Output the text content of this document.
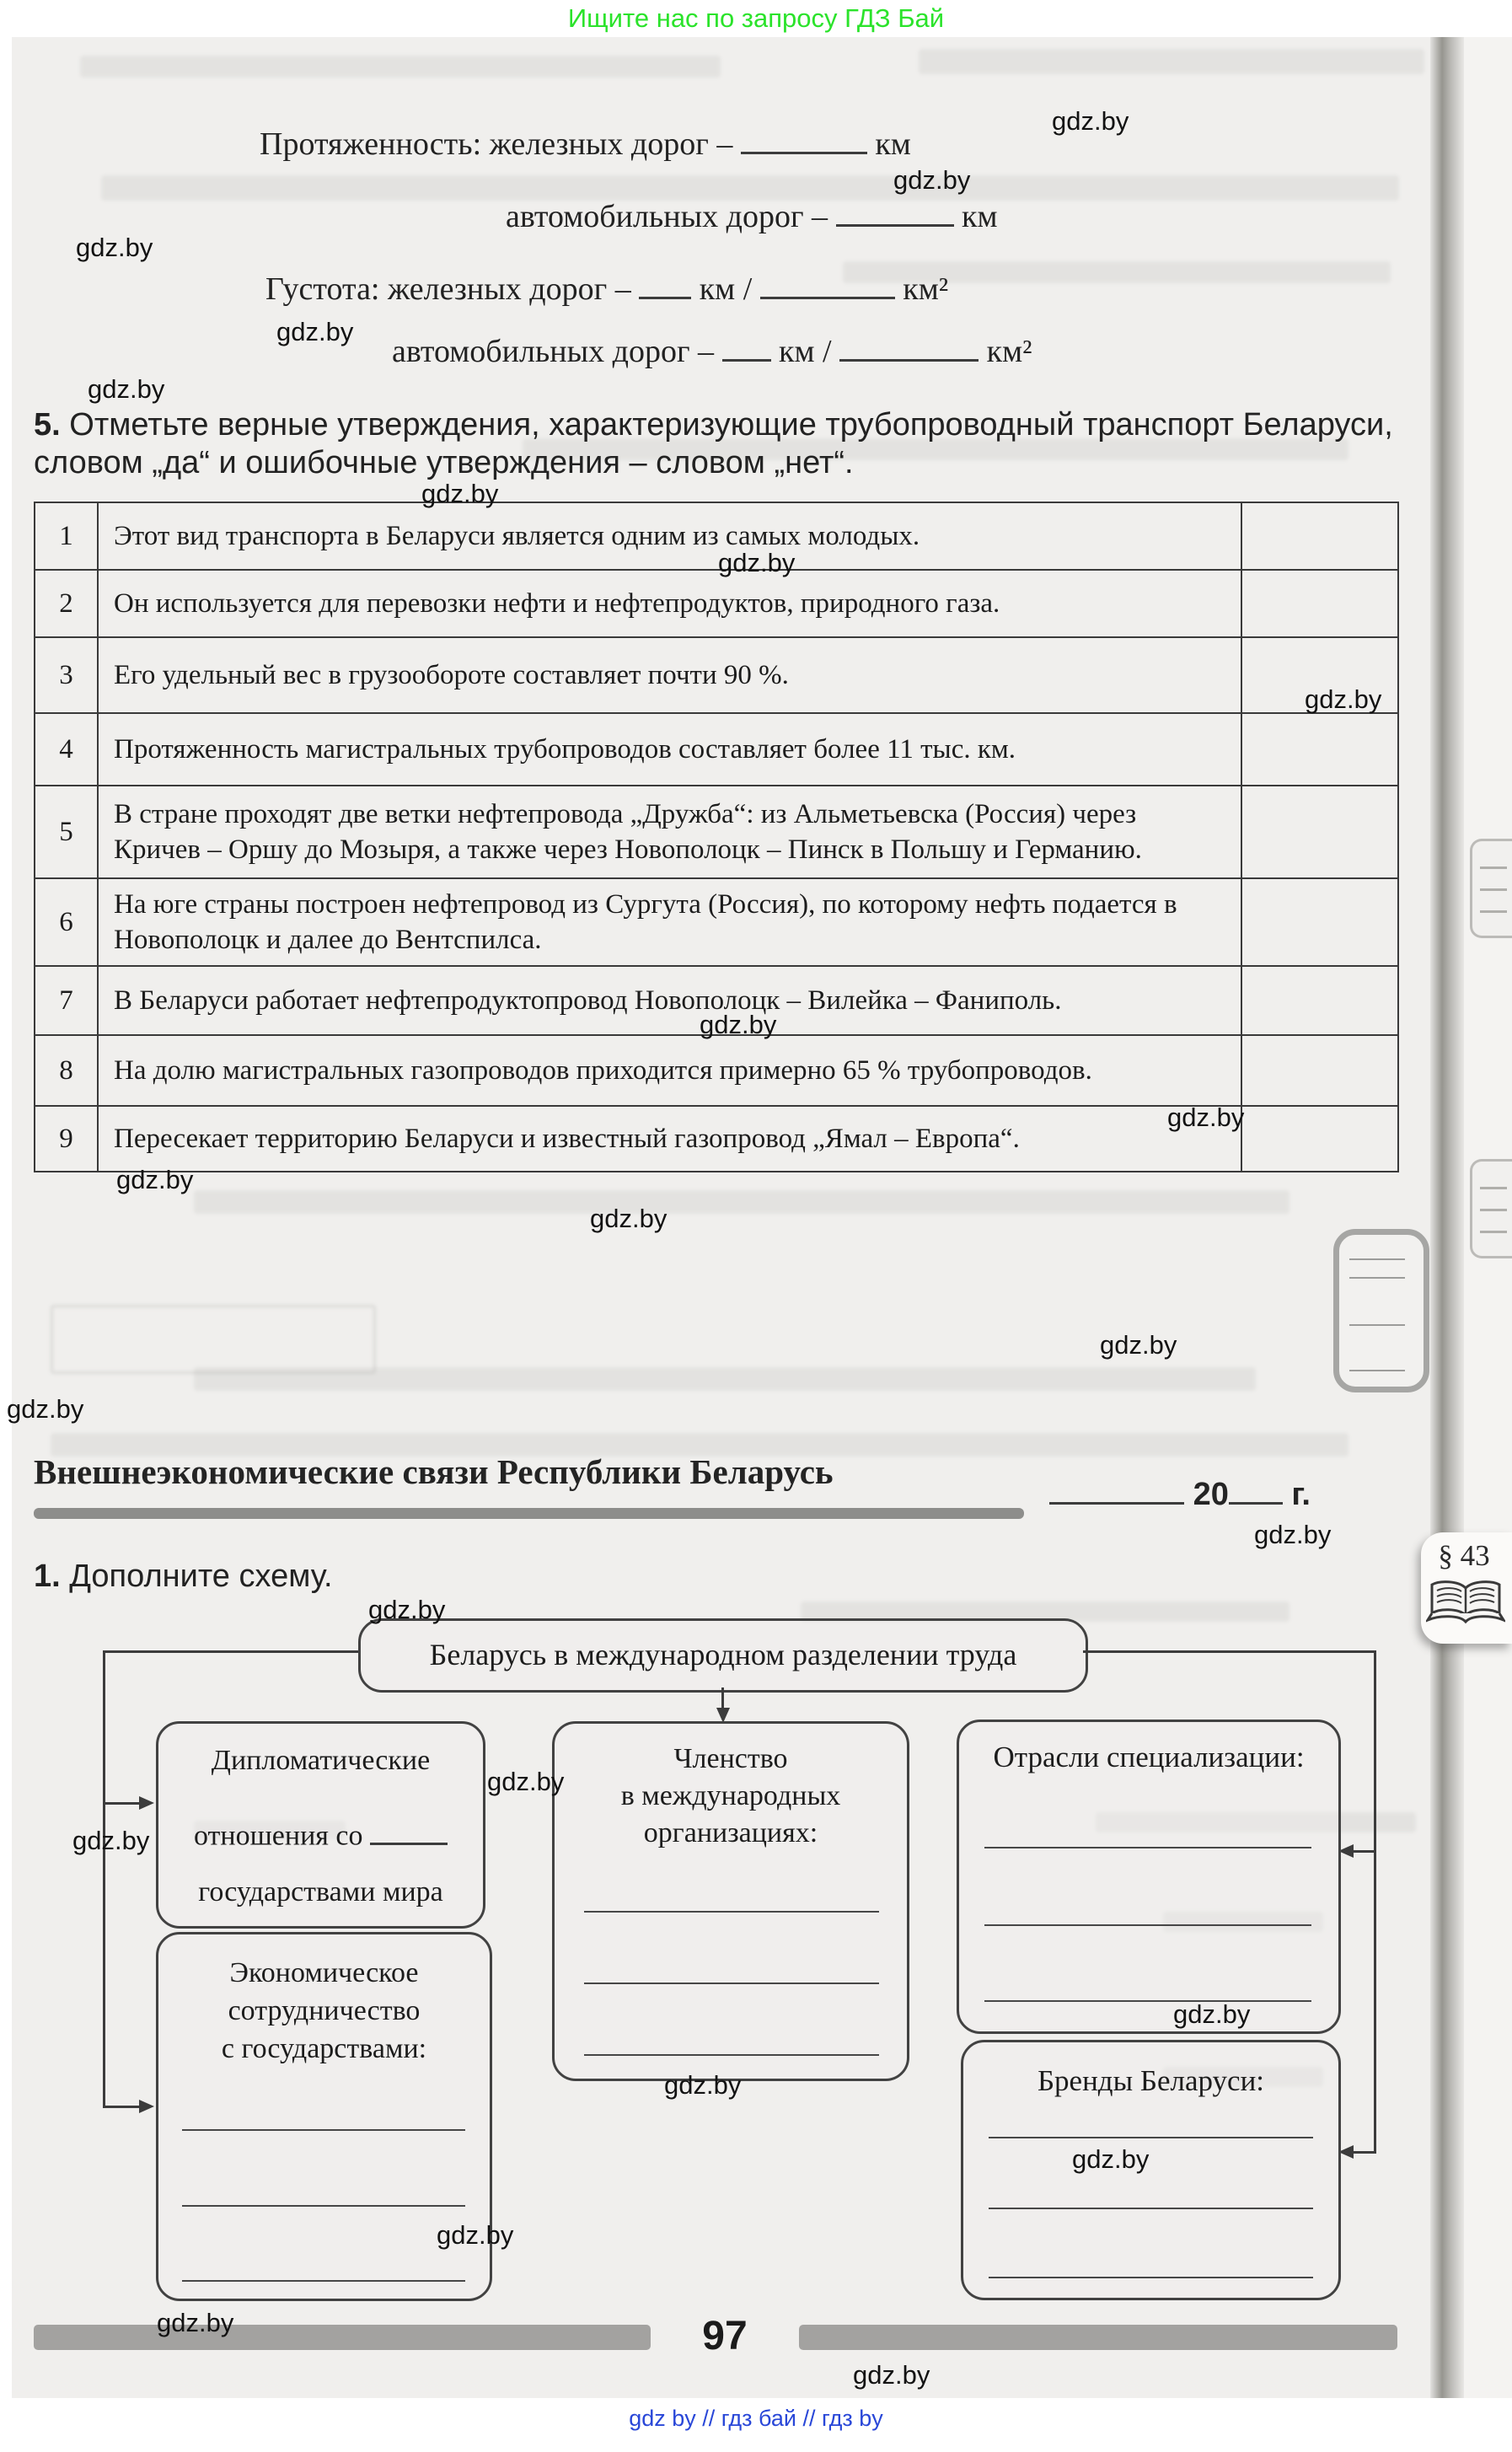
Ищите нас по запросу ГДЗ Бай
Протяженность: железных дорог –	км
автомобильных дорог –	км
Густота: железных дорог – км /	км²
автомобильных дорог – км /	км²
5. Отметьте верные утверждения, характеризующие трубопроводный транспорт Беларуси, словом „да“ и ошибочные утверждения – словом „нет“.
1	Этот вид транспорта в Беларуси является одним из самых молодых.	
2	Он используется для перевозки нефти и нефтепродуктов, природного газа.	
3	Его удельный вес в грузообороте составляет почти 90 %.	
4	Протяженность магистральных трубопроводов составляет более 11 тыс. км.	
5	В стране проходят две ветки нефтепровода „Дружба“: из Альметьевска (Россия) через Кричев – Оршу до Мозыря, а также через Новополоцк – Пинск в Польшу и Германию.	
6	На юге страны построен нефтепровод из Сургута (Россия), по которому нефть подается в Новополоцк и далее до Вентспилса.	
7	В Беларуси работает нефтепродуктопровод Новополоцк – Вилейка – Фаниполь.	
8	На долю магистральных газопроводов приходится примерно 65 % трубопроводов.	
9	Пересекает территорию Беларуси и известный газопровод „Ямал – Европа“.	
Внешнеэкономические связи Республики Беларусь
20 г.
§ 43
1. Дополните схему.
Беларусь в международном разделении труда
Дипломатические
отношения со
государствами мира
Членство
в международных
организациях:
Экономическое
сотрудничество
с государствами:
Отрасли специализации:
Бренды Беларуси:
97
gdz by // гдз бай // гдз by
gdz.by
gdz.by
gdz.by
gdz.by
gdz.by
gdz.by
gdz.by
gdz.by
gdz.by
gdz.by
gdz.by
gdz.by
gdz.by
gdz.by
gdz.by
gdz.by
gdz.by
gdz.by
gdz.by
gdz.by
gdz.by
gdz.by
gdz.by
gdz.by
